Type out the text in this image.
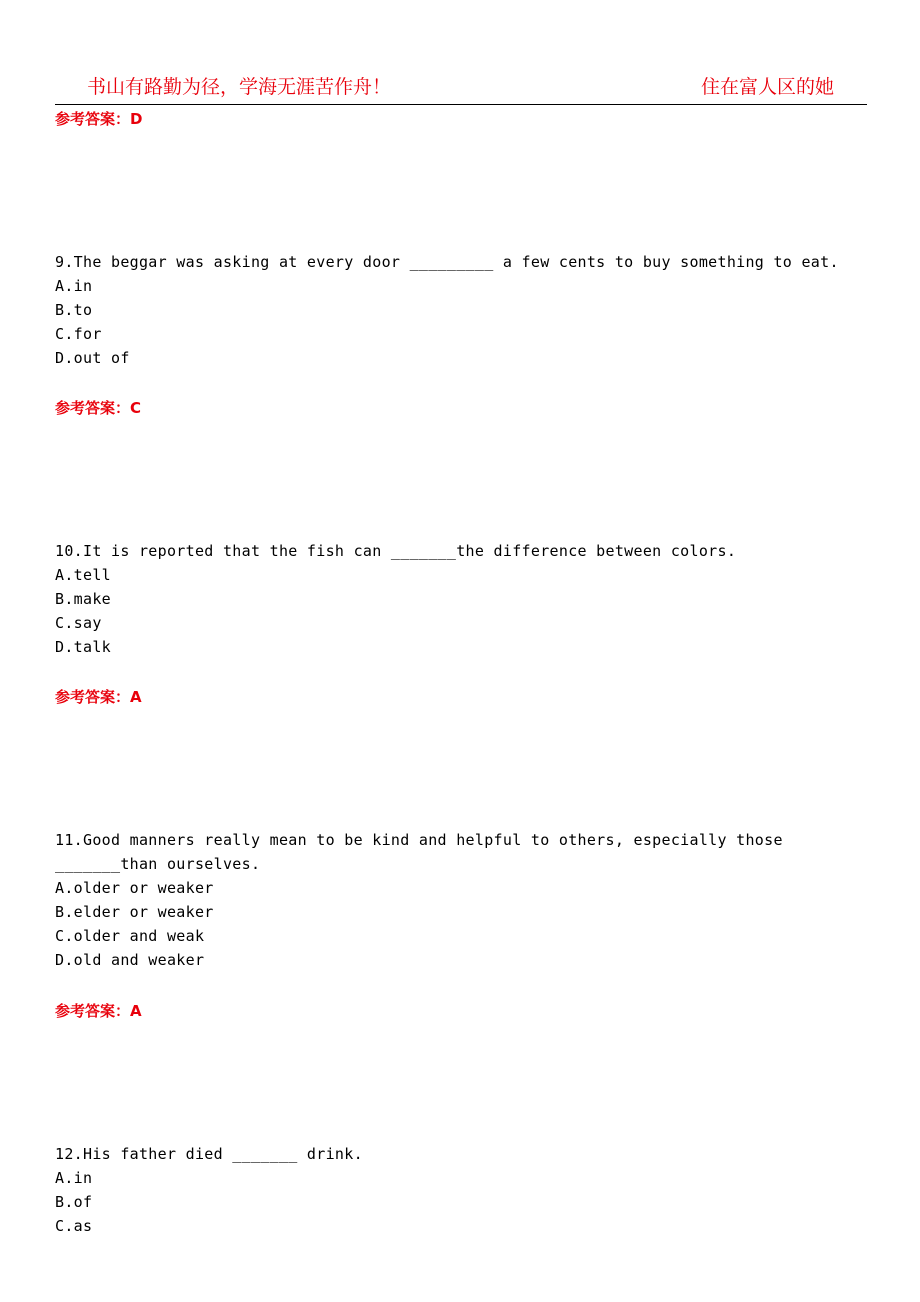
书山有路勤为径，学海无涯苦作舟！	住在富人区的她
参考答案：D

9.The beggar was asking at every door _________ a few cents to buy something to eat.

A.in

B.to

C.for

D.out of

参考答案：C

10.It is reported that the fish can _______the difference between colors.

A.tell

B.make

C.say

D.talk

参考答案：A

11.Good manners really mean to be kind and helpful to others, especially those _______than ourselves.

A.older or weaker

B.elder or weaker

C.older and weak

D.old and weaker

参考答案：A

12.His father died _______ drink.

A.in

B.of

C.as
